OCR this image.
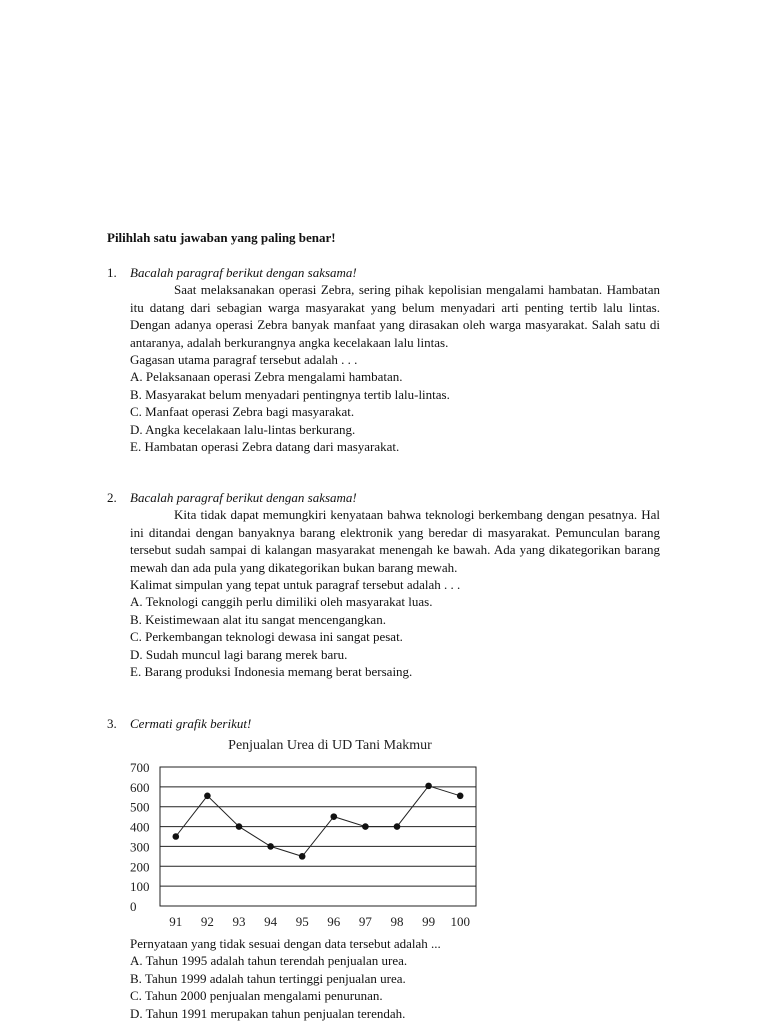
Pilihlah satu jawaban yang paling benar!
1. Bacalah paragraf berikut dengan saksama!
Saat melaksanakan operasi Zebra, sering pihak kepolisian mengalami hambatan. Hambatan itu datang dari sebagian warga masyarakat yang belum menyadari arti penting tertib lalu lintas. Dengan adanya operasi Zebra banyak manfaat yang dirasakan oleh warga masyarakat. Salah satu di antaranya, adalah berkurangnya angka kecelakaan lalu lintas.
Gagasan utama paragraf tersebut adalah . . .
A. Pelaksanaan operasi Zebra mengalami hambatan.
B. Masyarakat belum menyadari pentingnya tertib lalu-lintas.
C. Manfaat operasi Zebra bagi masyarakat.
D. Angka kecelakaan lalu-lintas berkurang.
E. Hambatan operasi Zebra datang dari masyarakat.
2. Bacalah paragraf berikut dengan saksama!
Kita tidak dapat memungkiri kenyataan bahwa teknologi berkembang dengan pesatnya. Hal ini ditandai dengan banyaknya barang elektronik yang beredar di masyarakat. Pemunculan barang tersebut sudah sampai di kalangan masyarakat menengah ke bawah. Ada yang dikategorikan barang mewah dan ada pula yang dikategorikan bukan barang mewah.
Kalimat simpulan yang tepat untuk paragraf tersebut adalah . . .
A. Teknologi canggih perlu dimiliki oleh masyarakat luas.
B. Keistimewaan alat itu sangat mencengangkan.
C. Perkembangan teknologi dewasa ini sangat pesat.
D. Sudah muncul lagi barang merek baru.
E. Barang produksi Indonesia memang berat bersaing.
3. Cermati grafik berikut!
Penjualan Urea di UD Tani Makmur
700
600
500
400
300
200
100
0
91 92 93 94 95 96 97 98 99 100
Pernyataan yang tidak sesuai dengan data tersebut adalah ...
A. Tahun 1995 adalah tahun terendah penjualan urea.
B. Tahun 1999 adalah tahun tertinggi penjualan urea.
C. Tahun 2000 penjualan mengalami penurunan.
D. Tahun 1991 merupakan tahun penjualan terendah.
